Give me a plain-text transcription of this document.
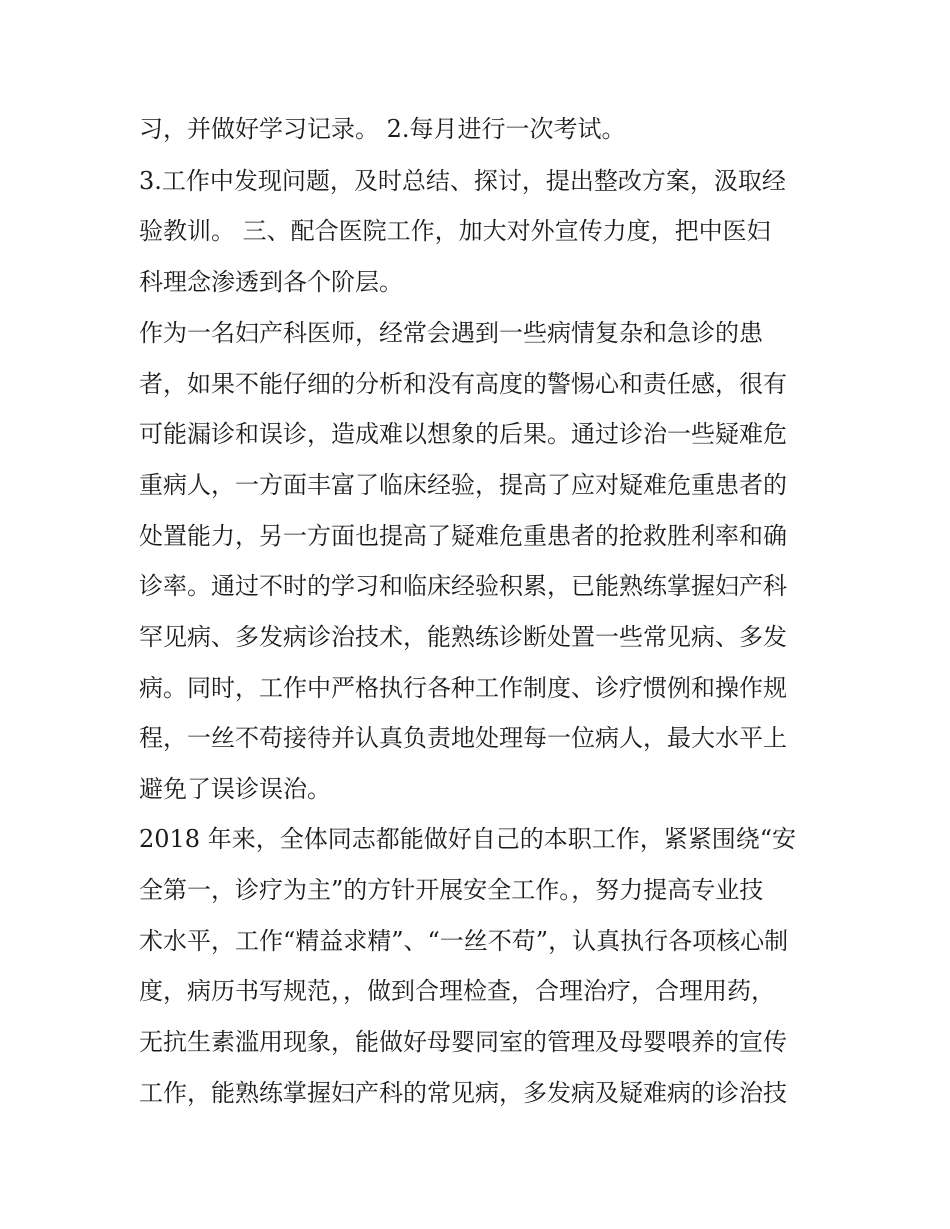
习，并做好学习记录。 2.每月进行一次考试。
3.工作中发现问题，及时总结、探讨，提出整改方案，汲取经
验教训。 三、配合医院工作，加大对外宣传力度，把中医妇
科理念渗透到各个阶层。
作为一名妇产科医师，经常会遇到一些病情复杂和急诊的患
者，如果不能仔细的分析和没有高度的警惕心和责任感，很有
可能漏诊和误诊，造成难以想象的后果。通过诊治一些疑难危
重病人，一方面丰富了临床经验，提高了应对疑难危重患者的
处置能力，另一方面也提高了疑难危重患者的抢救胜利率和确
诊率。通过不时的学习和临床经验积累，已能熟练掌握妇产科
罕见病、多发病诊治技术，能熟练诊断处置一些常见病、多发
病。同时，工作中严格执行各种工作制度、诊疗惯例和操作规
程，一丝不苟接待并认真负责地处理每一位病人，最大水平上
避免了误诊误治。
2018 年来，全体同志都能做好自己的本职工作，紧紧围绕“安
全第一，诊疗为主”的方针开展安全工作。，努力提高专业技
术水平，工作“精益求精”、“一丝不苟”，认真执行各项核心制
度，病历书写规范，，做到合理检查，合理治疗，合理用药，
无抗生素滥用现象，能做好母婴同室的管理及母婴喂养的宣传
工作，能熟练掌握妇产科的常见病，多发病及疑难病的诊治技
